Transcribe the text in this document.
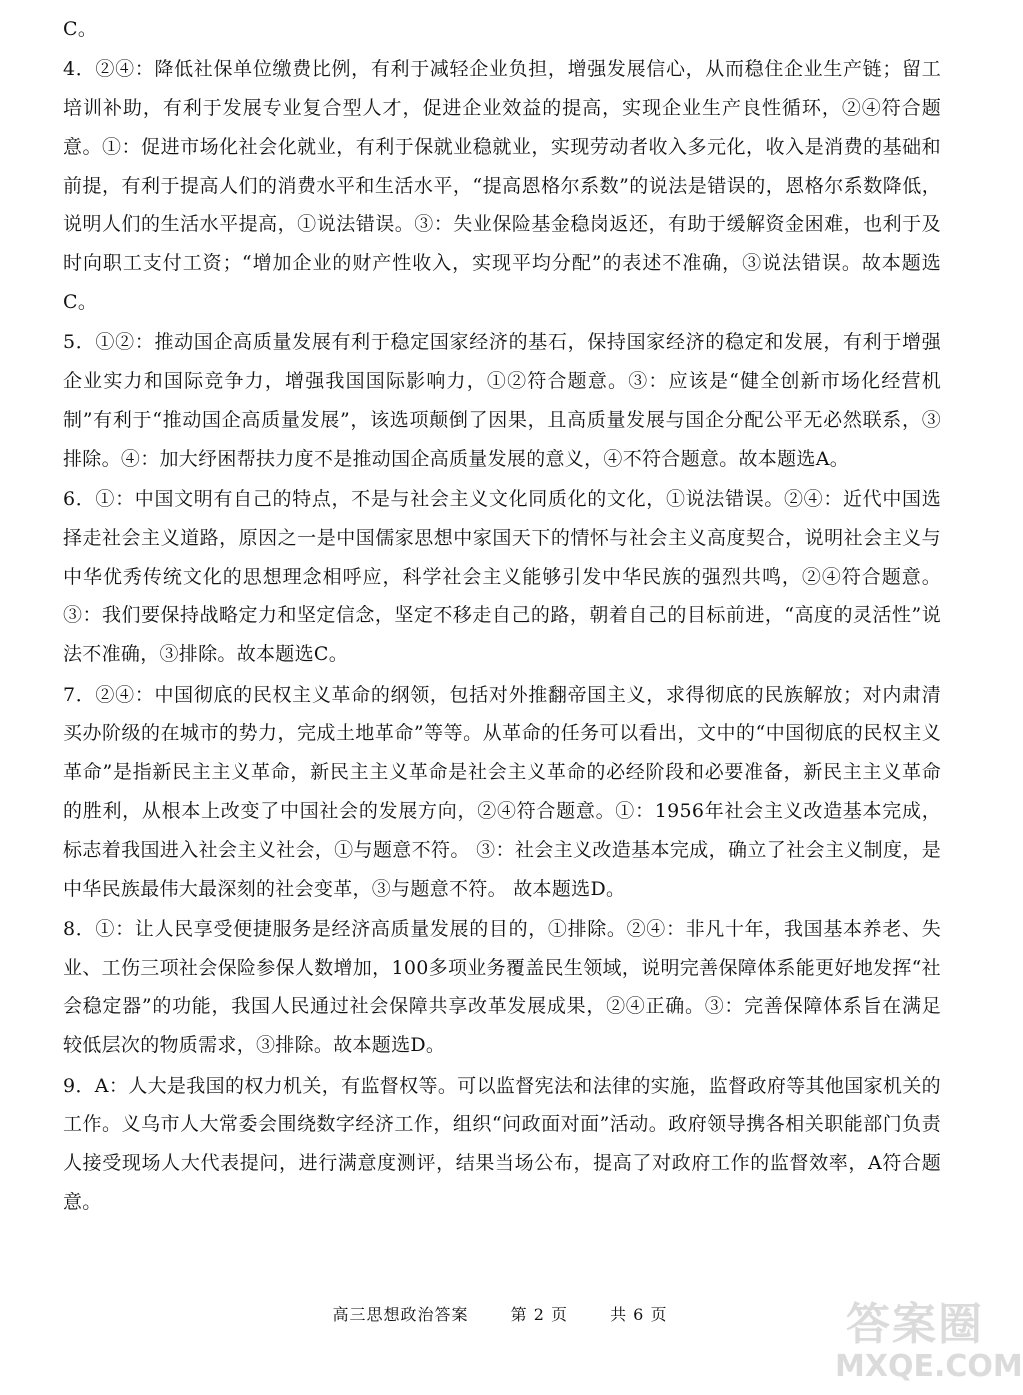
C。

4．②④：降低社保单位缴费比例，有利于减轻企业负担，增强发展信心，从而稳住企业生产链；留工培训补助，有利于发展专业复合型人才，促进企业效益的提高，实现企业生产良性循环，②④符合题意。①：促进市场化社会化就业，有利于保就业稳就业，实现劳动者收入多元化，收入是消费的基础和前提，有利于提高人们的消费水平和生活水平，“提高恩格尔系数”的说法是错误的，恩格尔系数降低，说明人们的生活水平提高，①说法错误。③：失业保险基金稳岗返还，有助于缓解资金困难，也利于及时向职工支付工资；“增加企业的财产性收入，实现平均分配”的表述不准确，③说法错误。故本题选C。

5．①②：推动国企高质量发展有利于稳定国家经济的基石，保持国家经济的稳定和发展，有利于增强企业实力和国际竞争力，增强我国国际影响力，①②符合题意。③：应该是“健全创新市场化经营机制”有利于“推动国企高质量发展”，该选项颠倒了因果，且高质量发展与国企分配公平无必然联系，③排除。④：加大纾困帮扶力度不是推动国企高质量发展的意义，④不符合题意。故本题选A。

6．①：中国文明有自己的特点，不是与社会主义文化同质化的文化，①说法错误。②④：近代中国选择走社会主义道路，原因之一是中国儒家思想中家国天下的情怀与社会主义高度契合，说明社会主义与中华优秀传统文化的思想理念相呼应，科学社会主义能够引发中华民族的强烈共鸣，②④符合题意。③：我们要保持战略定力和坚定信念，坚定不移走自己的路，朝着自己的目标前进，“高度的灵活性”说法不准确，③排除。故本题选C。

7．②④：中国彻底的民权主义革命的纲领，包括对外推翻帝国主义，求得彻底的民族解放；对内肃清买办阶级的在城市的势力，完成土地革命”等等。从革命的任务可以看出，文中的“中国彻底的民权主义革命”是指新民主主义革命，新民主主义革命是社会主义革命的必经阶段和必要准备，新民主主义革命的胜利，从根本上改变了中国社会的发展方向，②④符合题意。①：1956年社会主义改造基本完成，标志着我国进入社会主义社会，①与题意不符。 ③：社会主义改造基本完成，确立了社会主义制度，是中华民族最伟大最深刻的社会变革，③与题意不符。 故本题选D。

8．①：让人民享受便捷服务是经济高质量发展的目的，①排除。②④：非凡十年，我国基本养老、失业、工伤三项社会保险参保人数增加，100多项业务覆盖民生领域，说明完善保障体系能更好地发挥“社会稳定器”的功能，我国人民通过社会保障共享改革发展成果，②④正确。③：完善保障体系旨在满足较低层次的物质需求，③排除。故本题选D。

9．A：人大是我国的权力机关，有监督权等。可以监督宪法和法律的实施，监督政府等其他国家机关的工作。义乌市人大常委会围绕数字经济工作，组织“问政面对面”活动。政府领导携各相关职能部门负责人接受现场人大代表提问，进行满意度测评，结果当场公布，提高了对政府工作的监督效率，A符合题意。

高三思想政治答案	第 2 页	共 6 页	答案圈
MXQE.COM
